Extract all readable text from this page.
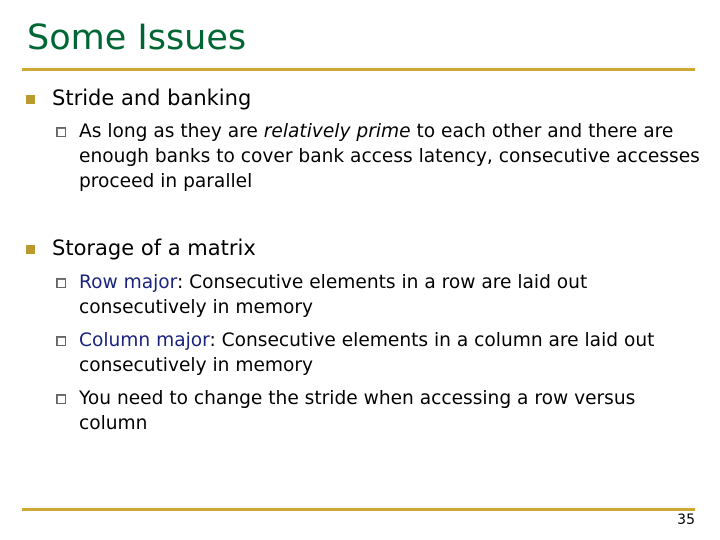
Some Issues
Stride and banking
As long as they are relatively prime to each other and there are enough banks to cover bank access latency, consecutive accesses proceed in parallel
Storage of a matrix
Row major: Consecutive elements in a row are laid out consecutively in memory
Column major: Consecutive elements in a column are laid out consecutively in memory
You need to change the stride when accessing a row versus column
35
